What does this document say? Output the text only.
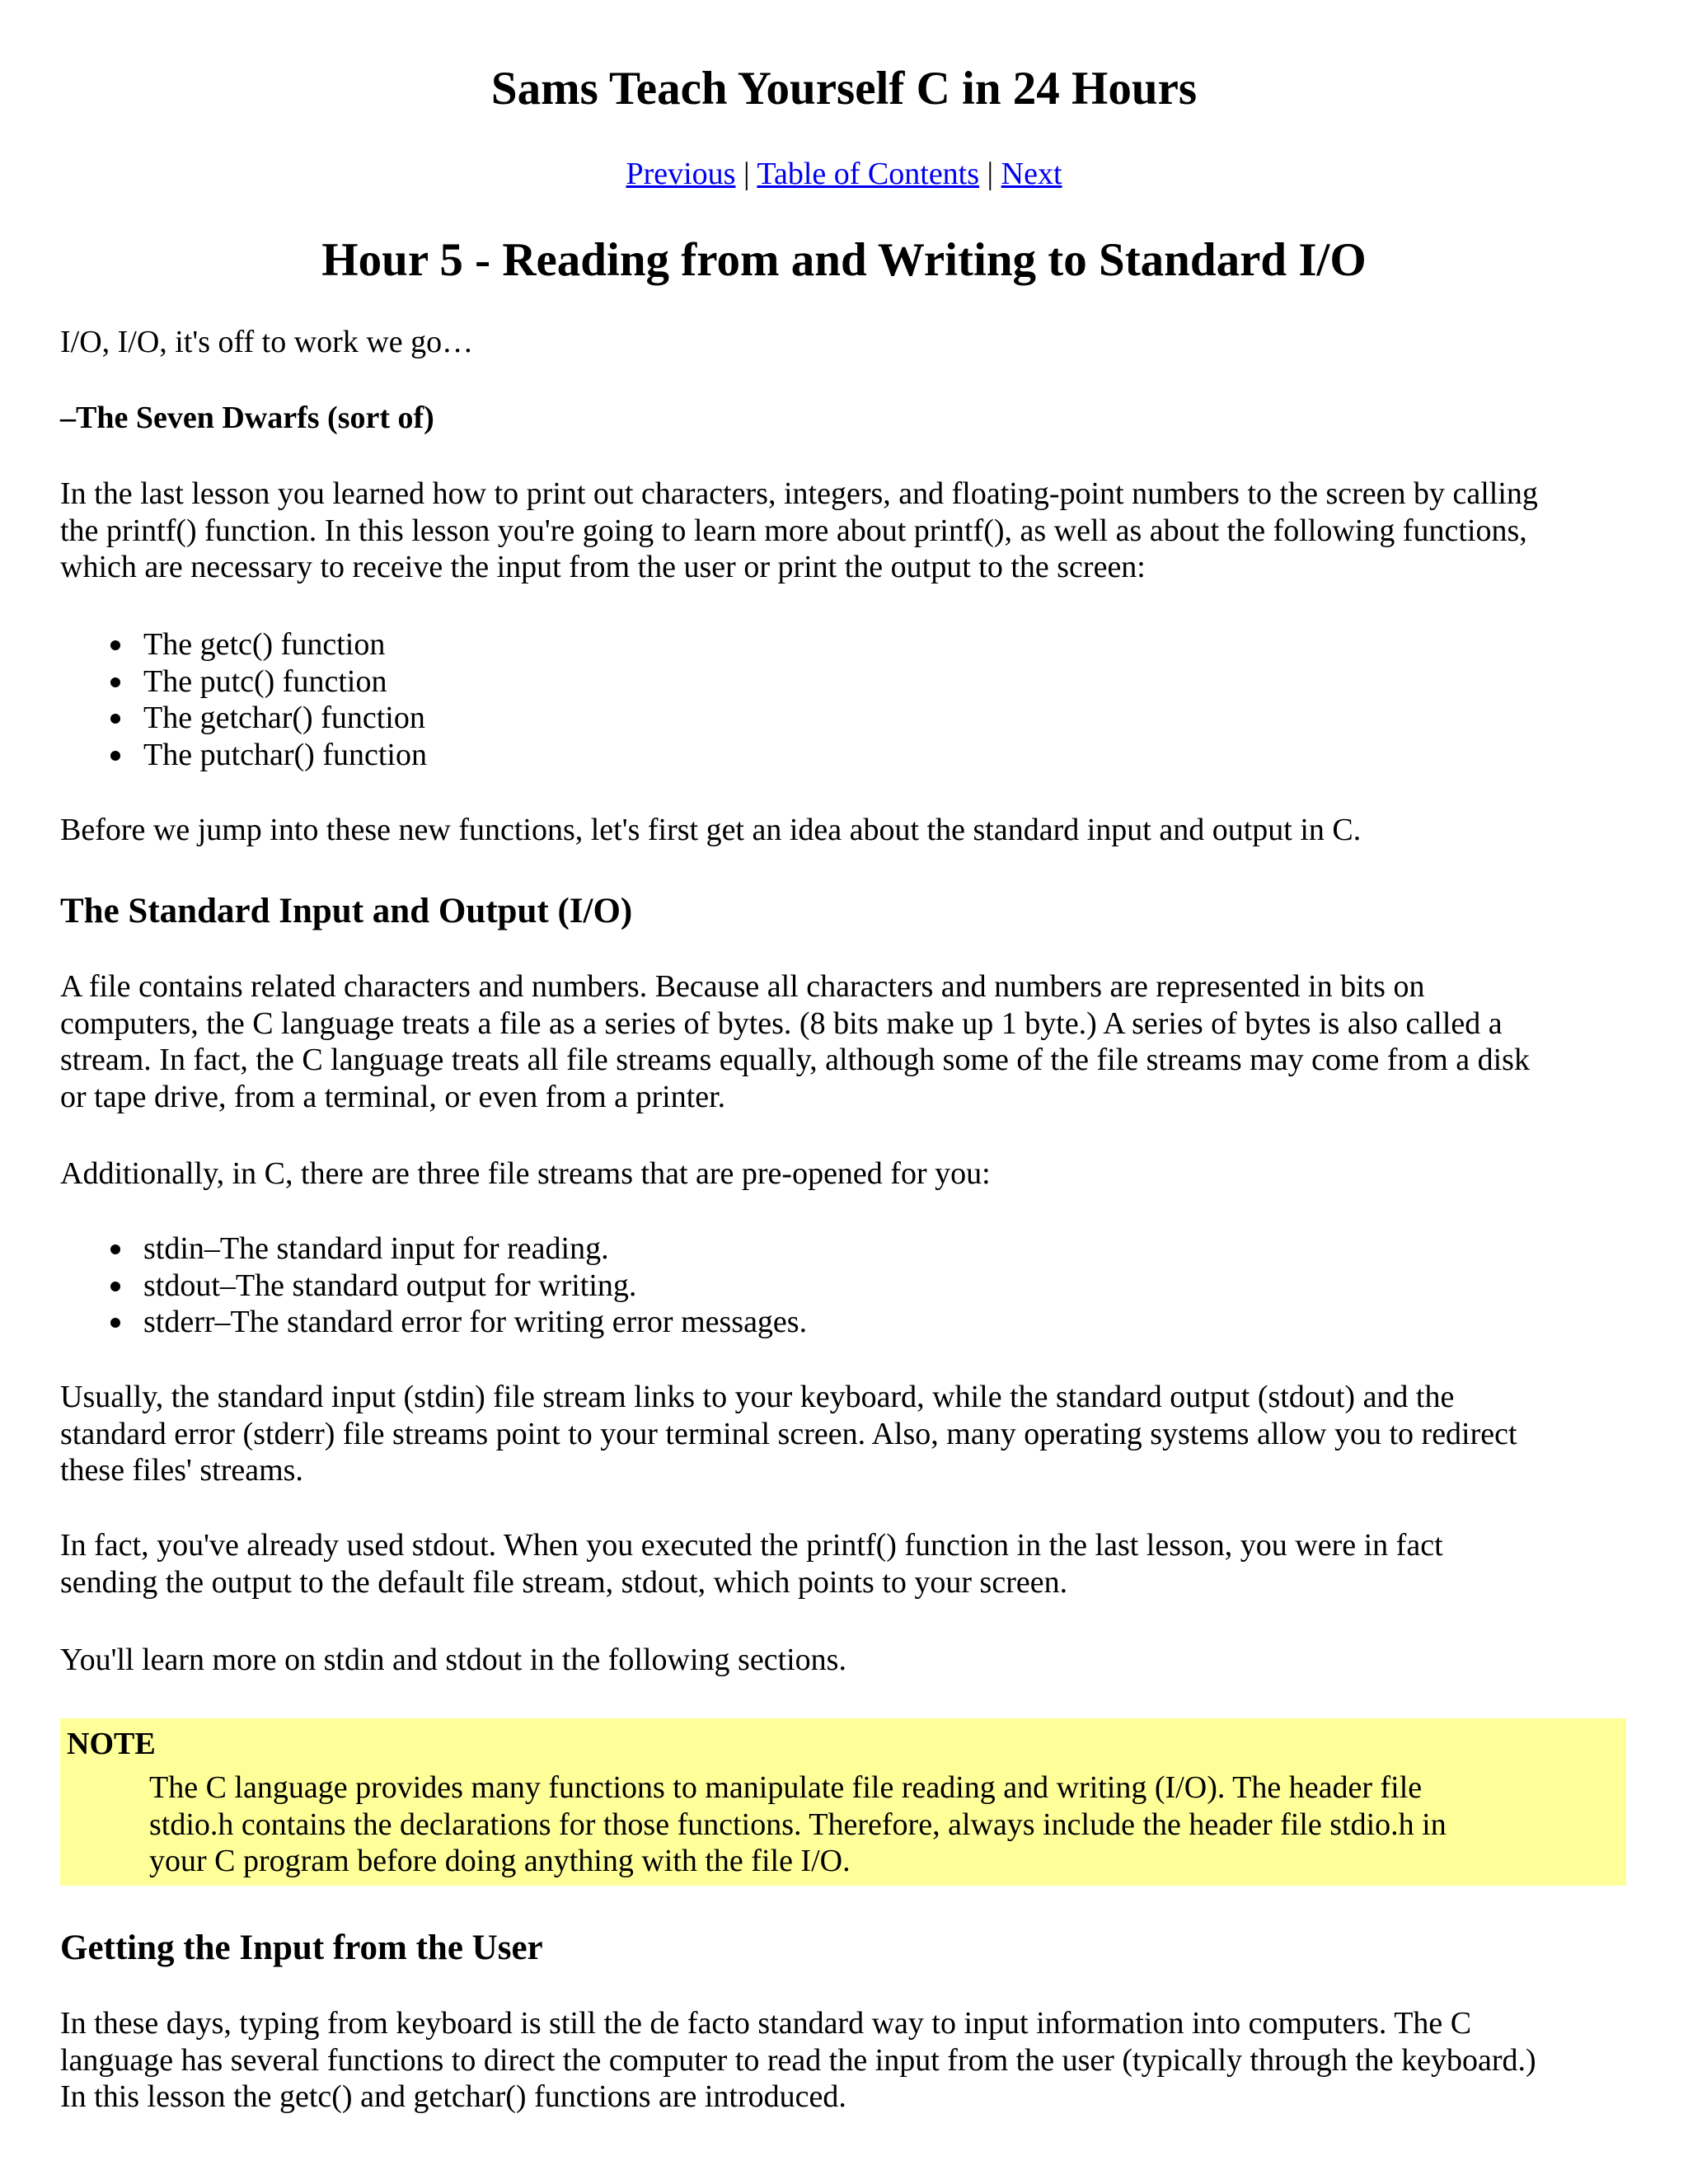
Sams Teach Yourself C in 24 Hours
Previous | Table of Contents | Next
Hour 5 - Reading from and Writing to Standard I/O

I/O, I/O, it's off to work we go…

–The Seven Dwarfs (sort of)

In the last lesson you learned how to print out characters, integers, and floating-point numbers to the screen by calling
the printf() function. In this lesson you're going to learn more about printf(), as well as about the following functions,
which are necessary to receive the input from the user or print the output to the screen:
The getc() function
The putc() function
The getchar() function
The putchar() function

Before we jump into these new functions, let's first get an idea about the standard input and output in C.

The Standard Input and Output (I/O)
A file contains related characters and numbers. Because all characters and numbers are represented in bits on
computers, the C language treats a file as a series of bytes. (8 bits make up 1 byte.) A series of bytes is also called a
stream. In fact, the C language treats all file streams equally, although some of the file streams may come from a disk
or tape drive, from a terminal, or even from a printer.

Additionally, in C, there are three file streams that are pre-opened for you:

stdin–The standard input for reading.
stdout–The standard output for writing.
stderr–The standard error for writing error messages.
Usually, the standard input (stdin) file stream links to your keyboard, while the standard output (stdout) and the
standard error (stderr) file streams point to your terminal screen. Also, many operating systems allow you to redirect
these files' streams.
In fact, you've already used stdout. When you executed the printf() function in the last lesson, you were in fact
sending the output to the default file stream, stdout, which points to your screen.

You'll learn more on stdin and stdout in the following sections.

NOTE
The C language provides many functions to manipulate file reading and writing (I/O). The header file
stdio.h contains the declarations for those functions. Therefore, always include the header file stdio.h in
your C program before doing anything with the file I/O.
Getting the Input from the User
In these days, typing from keyboard is still the de facto standard way to input information into computers. The C
language has several functions to direct the computer to read the input from the user (typically through the keyboard.)
In this lesson the getc() and getchar() functions are introduced.
